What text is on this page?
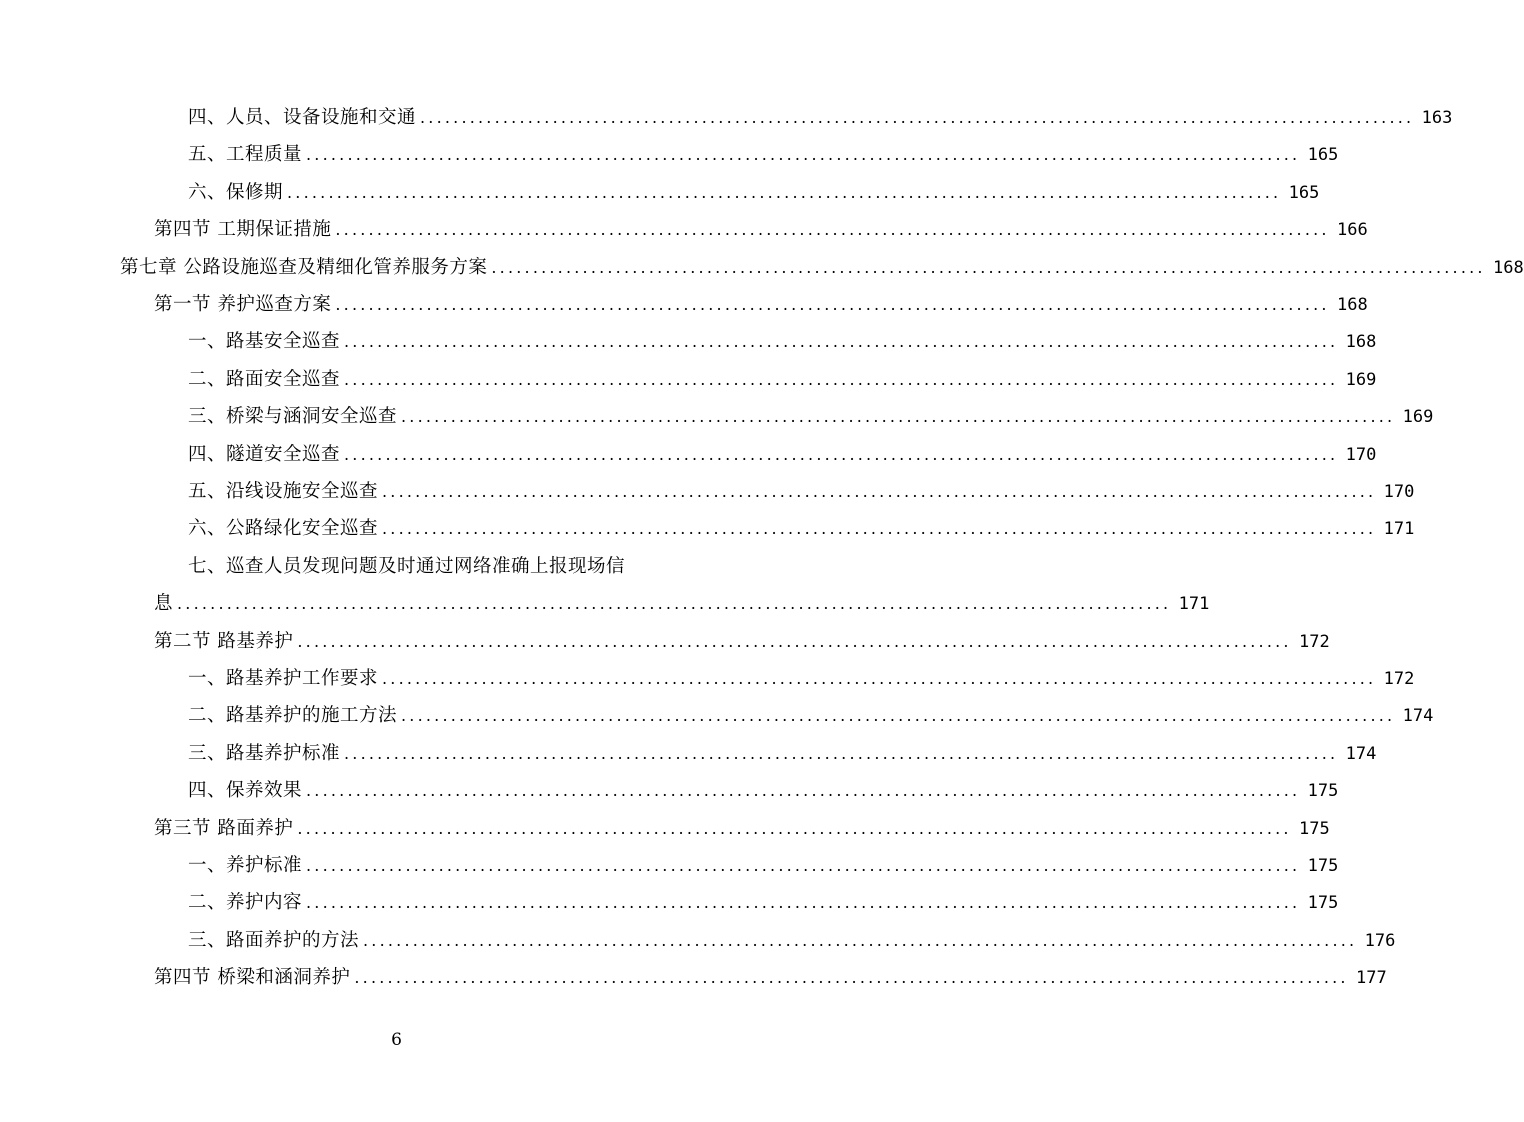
四、人员、设备设施和交通 ........................................................................................................................ 163
五、工程质量 ........................................................................................................................ 165
六、保修期 ........................................................................................................................ 165
第四节 工期保证措施 ........................................................................................................................ 166
第七章 公路设施巡查及精细化管养服务方案 ........................................................................................................................ 168
第一节 养护巡查方案 ........................................................................................................................ 168
一、路基安全巡查 ........................................................................................................................ 168
二、路面安全巡查 ........................................................................................................................ 169
三、桥梁与涵洞安全巡查 ........................................................................................................................ 169
四、隧道安全巡查 ........................................................................................................................ 170
五、沿线设施安全巡查 ........................................................................................................................ 170
六、公路绿化安全巡查 ........................................................................................................................ 171
七、巡查人员发现问题及时通过网络准确上报现场信
息 ........................................................................................................................ 171
第二节 路基养护 ........................................................................................................................ 172
一、路基养护工作要求 ........................................................................................................................ 172
二、路基养护的施工方法 ........................................................................................................................ 174
三、路基养护标准 ........................................................................................................................ 174
四、保养效果 ........................................................................................................................ 175
第三节 路面养护 ........................................................................................................................ 175
一、养护标准 ........................................................................................................................ 175
二、养护内容 ........................................................................................................................ 175
三、路面养护的方法 ........................................................................................................................ 176
第四节 桥梁和涵洞养护 ........................................................................................................................ 177
6
